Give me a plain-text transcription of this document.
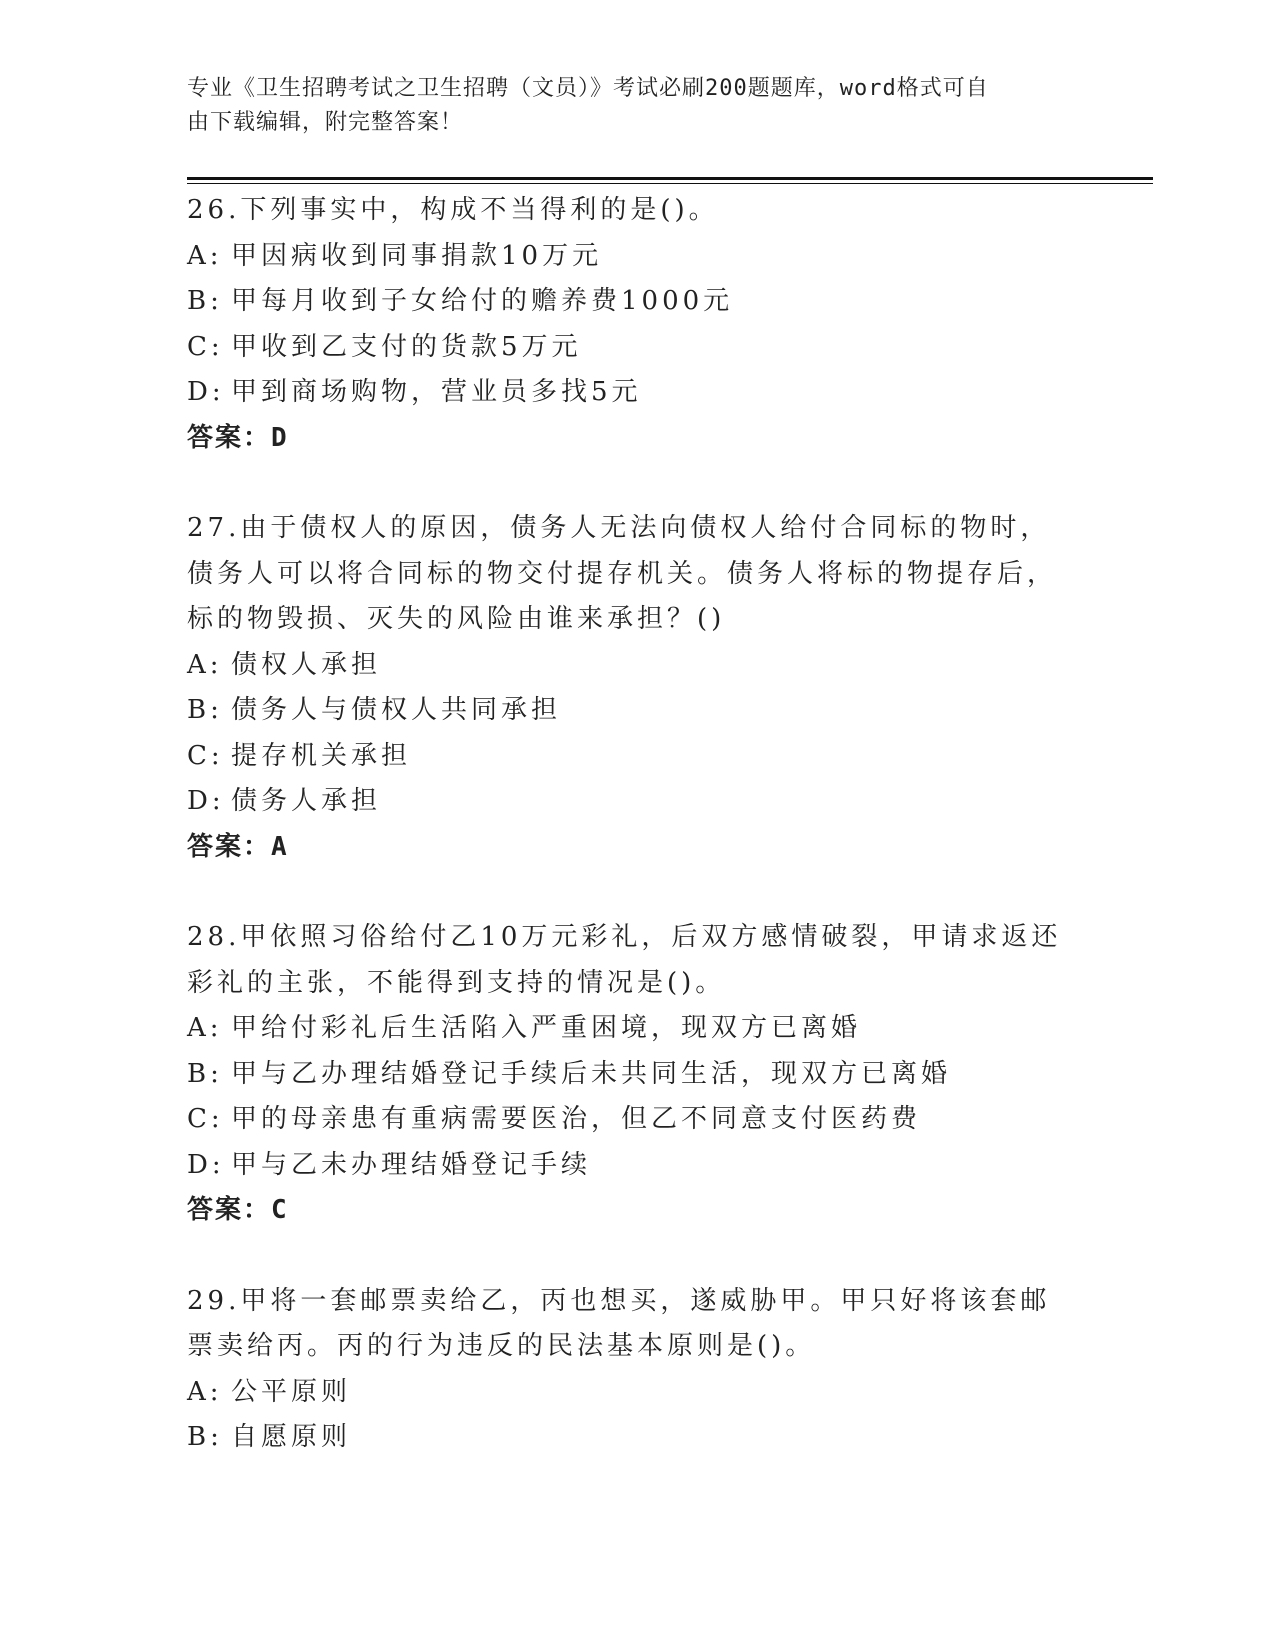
专业《卫生招聘考试之卫生招聘（文员）》考试必刷200题题库，word格式可自
由下载编辑，附完整答案！
26.下列事实中，构成不当得利的是()。
A: 甲因病收到同事捐款10万元
B: 甲每月收到子女给付的赡养费1000元
C: 甲收到乙支付的货款5万元
D: 甲到商场购物，营业员多找5元
答案：D
27.由于债权人的原因，债务人无法向债权人给付合同标的物时，债务人可以将合同标的物交付提存机关。债务人将标的物提存后，标的物毁损、灭失的风险由谁来承担？()
A: 债权人承担
B: 债务人与债权人共同承担
C: 提存机关承担
D: 债务人承担
答案：A
28.甲依照习俗给付乙10万元彩礼，后双方感情破裂，甲请求返还彩礼的主张，不能得到支持的情况是()。
A: 甲给付彩礼后生活陷入严重困境，现双方已离婚
B: 甲与乙办理结婚登记手续后未共同生活，现双方已离婚
C: 甲的母亲患有重病需要医治，但乙不同意支付医药费
D: 甲与乙未办理结婚登记手续
答案：C
29.甲将一套邮票卖给乙，丙也想买，遂威胁甲。甲只好将该套邮票卖给丙。丙的行为违反的民法基本原则是()。
A: 公平原则
B: 自愿原则
